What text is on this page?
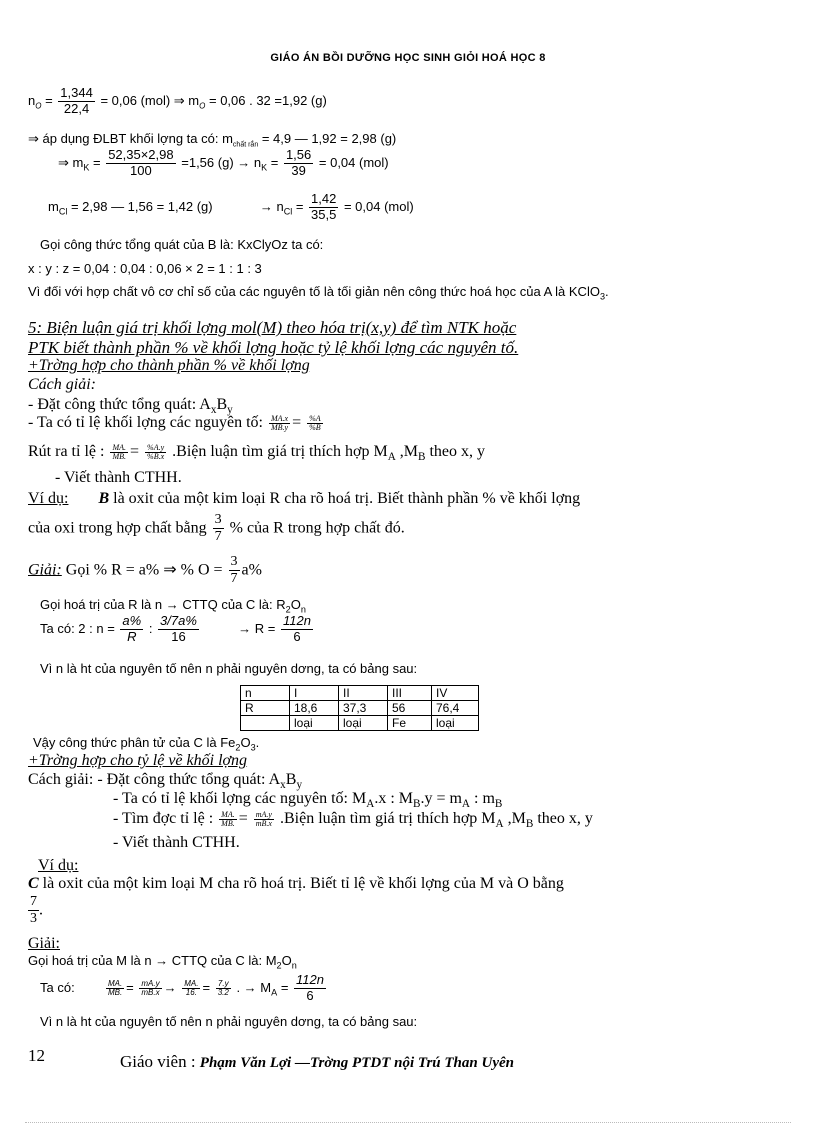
GIÁO ÁN BỒI DƯỠNG HỌC SINH GIỎI HOÁ HỌC 8
$n_O = \frac{1,344}{22,4} = 0,06$ (mol) ⇒ $m_O = 0,06$ . 32 =1,92 (g)
⇒ áp dụng ĐLBT khối lợng ta có: $m_{chất rắn} = 4,9$ — 1,92 = 2,98 (g)
⇒ $m_K = \frac{52,35\times 2,98}{100} =1,56$ $(g) \to n_K = \frac{1,56}{39} = 0,04$ (mol)
$m_{Cl} = 2,98$ — 1,56 = 1,42 (g)	→ $n_{Cl} = \frac{1,42}{35,5} = 0,04$ (mol)
Gọi công thức tổng quát của B là: KxClyOz ta có:
x : y : z = 0,04 : 0,04 : 0,06 × 2 = 1 : 1 : 3
Vì đối với hợp chất vô cơ chỉ số của các nguyên tố là tối giản nên công thức hoá học của A là KClO$_3$.
5: Biện luận giá trị khối lợng mol(M) theo hóa trị(x,y) để tìm NTK hoặc
PTK biết thành phần % về khối lợng hoặc tỷ lệ khối lợng các nguyên tố.
+Trờng hợp cho thành phần % về khối lợng
Cách giải:
- Đặt công thức tổng quát: $A_xB_y$
- Ta có tỉ lệ khối lợng các nguyên tố: $\frac{MA.x}{MB.y} = \frac{\%A}{\%B}$
Rút ra tỉ lệ : $\frac{MA.}{MB.} = \frac{\%A.y}{\%B.x}$ .Biện luận tìm giá trị thích hợp $M_A$ $,M_B$ theo x, y
- Viết thành CTHH.
Ví dụ: B là oxit của một kim loại R cha rõ hoá trị. Biết thành phần % về khối lợng
của oxi trong hợp chất bằng $\frac{3}{7}$ % của R trong hợp chất đó.
Giải: Gọi % R = a% ⇒ % $O = \frac{3}{7} a\%$
Gọi hoá trị của R là n → CTTQ của C là: $R_2O_n$
Ta có: 2 : $n = \frac{a\%}{R}$ : $\frac{3/7a\%}{16}$	→ $R = \frac{112n}{6}$
Vì n là ht của nguyên tố nên n phải nguyên dơng, ta có bảng sau:
n	I	II	III	IV
R	18,6	37,3	56	76,4
	loại	loại	Fe	loại
Vậy công thức phân tử của C là $Fe_2O_3$.
+Trờng hợp cho tỷ lệ về khối lợng
Cách giải: - Đặt công thức tổng quát: $A_xB_y$
- Ta có tỉ lệ khối lợng các nguyên tố: $M_A.x$ : $M_B.y = m_A$ : $m_B$
- Tìm đợc tỉ lệ : $\frac{MA.}{MB.} = \frac{mA.y}{mB.x}$ .Biện luận tìm giá trị thích hợp $M_A$ $,M_B$ theo x, y
- Viết thành CTHH.
Ví dụ:
C là oxit của một kim loại M cha rõ hoá trị. Biết tỉ lệ về khối lợng của M và O bằng
$\frac{7}{3}$ .
Giải:
Gọi hoá trị của M là n → CTTQ của C là: $M_2O_n$
Ta có:	$\frac{MA.}{MB.} = \frac{mA.y}{mB.x} \to \frac{MA.}{16.} = \frac{7.y}{3.2}$ . → $M_A = \frac{112n}{6}$
Vì n là ht của nguyên tố nên n phải nguyên dơng, ta có bảng sau:
12	Giáo viên : Phạm Văn Lợi —Trờng PTDT nội Trú Than Uyên
